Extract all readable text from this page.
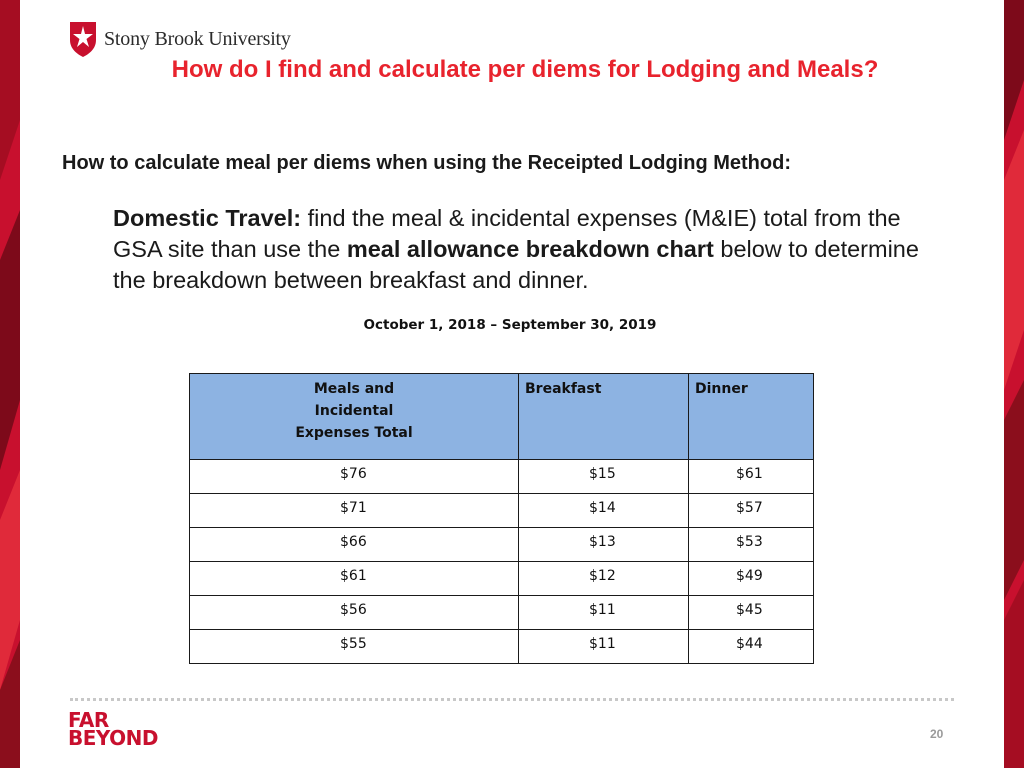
Stony Brook University
How do I find and calculate per diems for Lodging and Meals?
How to calculate meal per diems when using the Receipted Lodging Method:
Domestic Travel: find the meal & incidental expenses (M&IE) total from the GSA site than use the meal allowance breakdown chart below to determine the breakdown between breakfast and dinner.
October 1, 2018 – September 30, 2019
Meals and Incidental Expenses Total	Breakfast	Dinner
$76	$15	$61
$71	$14	$57
$66	$13	$53
$61	$12	$49
$56	$11	$45
$55	$11	$44
FAR
BEYOND	20
